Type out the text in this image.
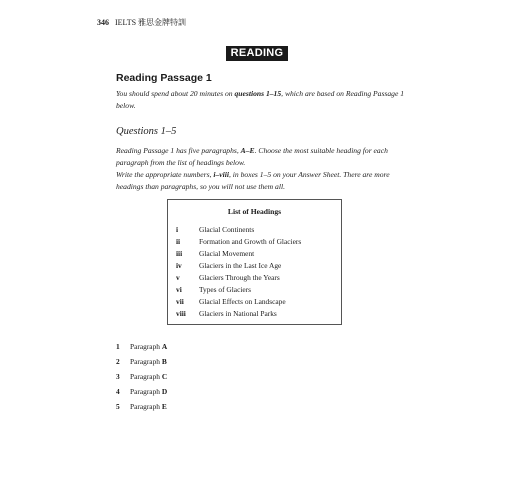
346 IELTS 雅思金牌特訓
READING
Reading Passage 1
You should spend about 20 minutes on questions 1–15, which are based on Reading Passage 1 below.
Questions 1–5
Reading Passage 1 has five paragraphs, A–E. Choose the most suitable heading for each paragraph from the list of headings below.
Write the appropriate numbers, i–viii, in boxes 1–5 on your Answer Sheet. There are more headings than paragraphs, so you will not use them all.
List of Headings
i	Glacial Continents
ii	Formation and Growth of Glaciers
iii	Glacial Movement
iv	Glaciers in the Last Ice Age
v	Glaciers Through the Years
vi	Types of Glaciers
vii	Glacial Effects on Landscape
viii	Glaciers in National Parks
1 Paragraph A
2 Paragraph B
3 Paragraph C
4 Paragraph D
5 Paragraph E
